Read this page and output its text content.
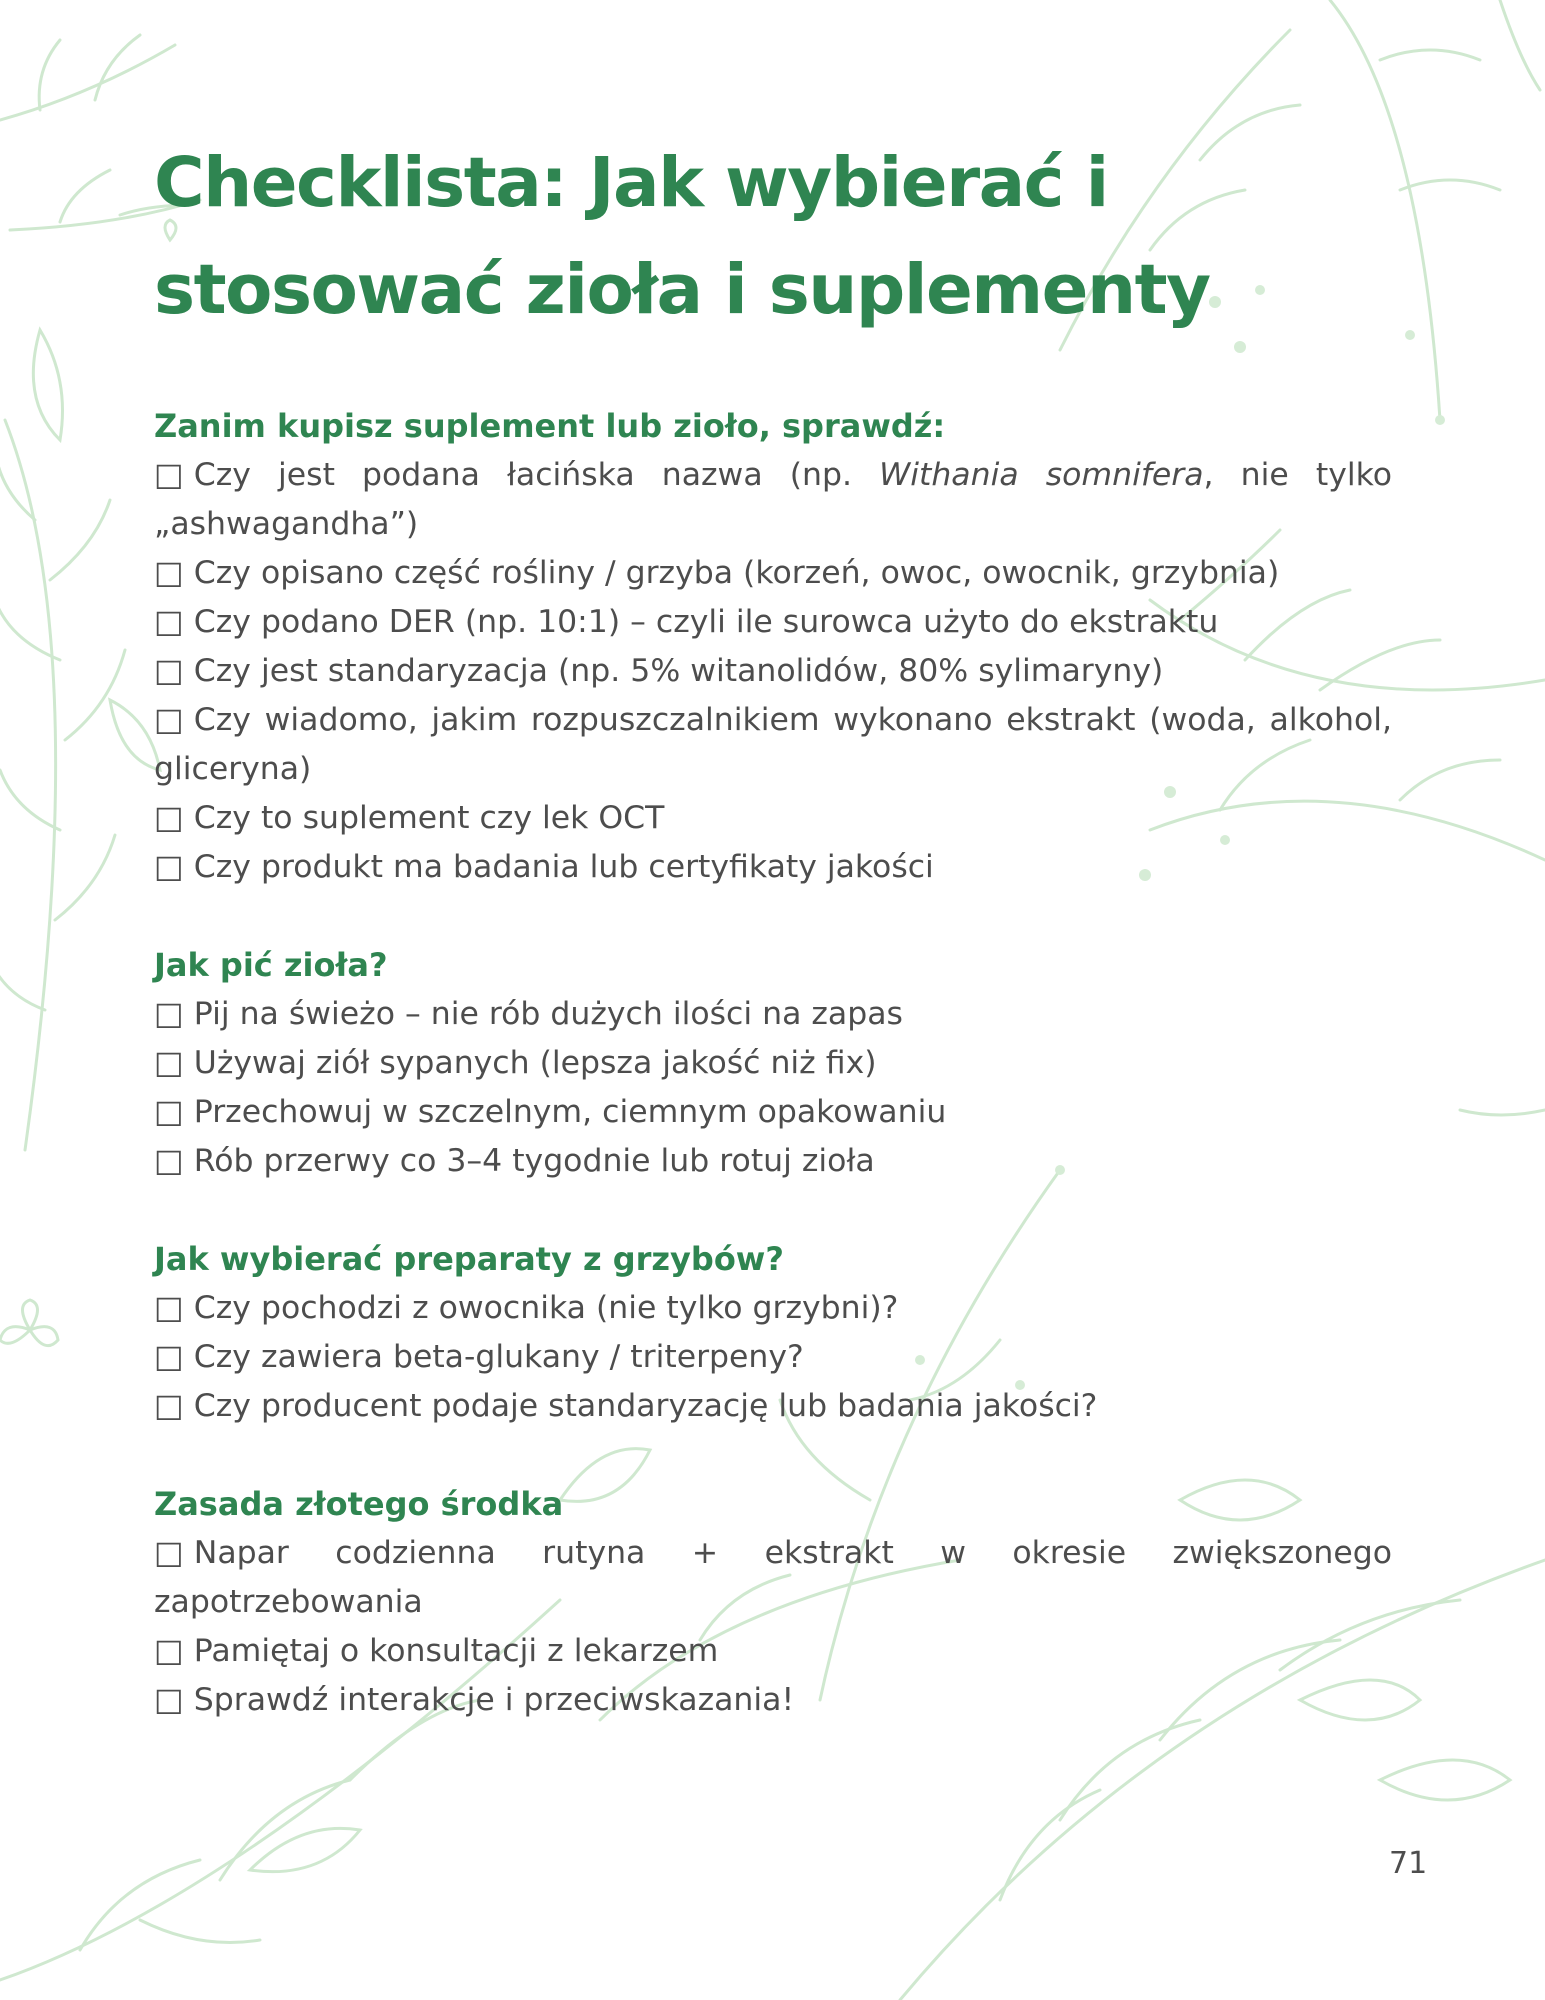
Checklista: Jak wybierać i stosować zioła i suplementy
Zanim kupisz suplement lub zioło, sprawdź:
□ Czy jest podana łacińska nazwa (np. Withania somnifera, nie tylko „ashwagandha”)
□ Czy opisano część rośliny / grzyba (korzeń, owoc, owocnik, grzybnia)
□ Czy podano DER (np. 10:1) – czyli ile surowca użyto do ekstraktu
□ Czy jest standaryzacja (np. 5% witanolidów, 80% sylimaryny)
□ Czy wiadomo, jakim rozpuszczalnikiem wykonano ekstrakt (woda, alkohol, gliceryna)
□ Czy to suplement czy lek OCT
□ Czy produkt ma badania lub certyfikaty jakości
Jak pić zioła?
□ Pij na świeżo – nie rób dużych ilości na zapas
□ Używaj ziół sypanych (lepsza jakość niż fix)
□ Przechowuj w szczelnym, ciemnym opakowaniu
□ Rób przerwy co 3–4 tygodnie lub rotuj zioła
Jak wybierać preparaty z grzybów?
□ Czy pochodzi z owocnika (nie tylko grzybni)?
□ Czy zawiera beta-glukany / triterpeny?
□ Czy producent podaje standaryzację lub badania jakości?
Zasada złotego środka
□ Napar codzienna rutyna + ekstrakt w okresie zwiększonego zapotrzebowania
□ Pamiętaj o konsultacji z lekarzem
□ Sprawdź interakcje i przeciwskazania!
71
